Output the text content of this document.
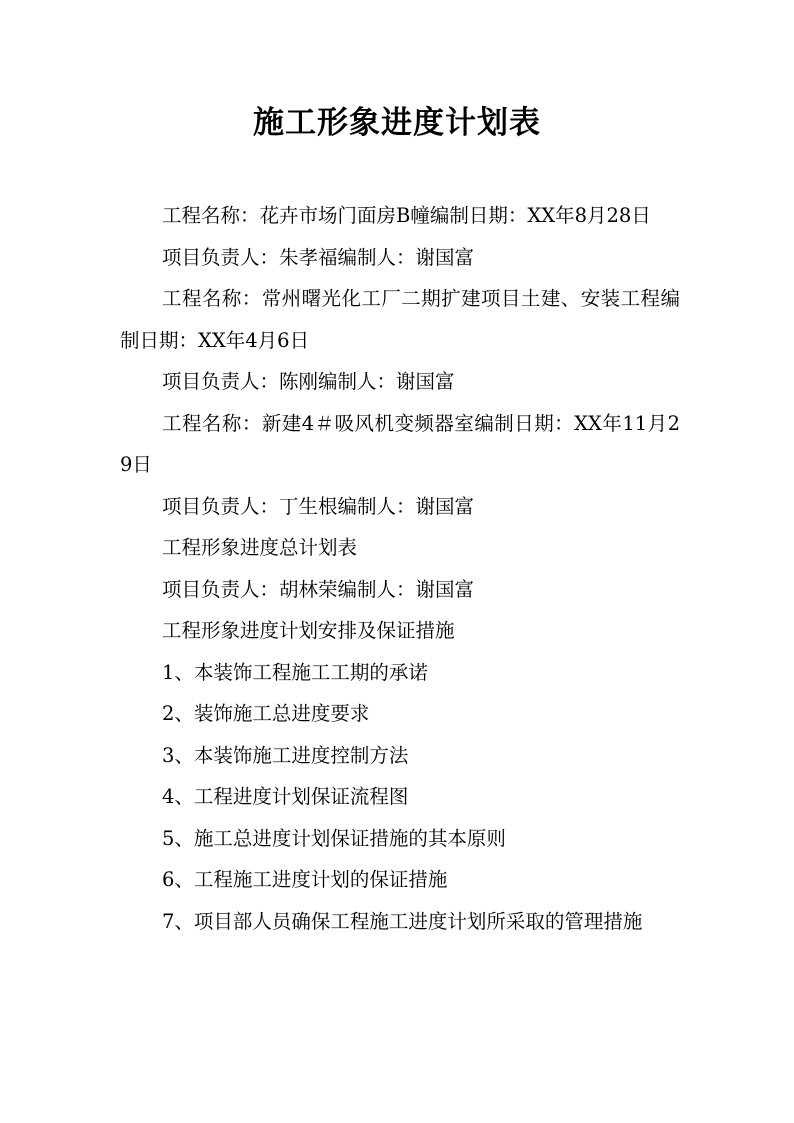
施工形象进度计划表

工程名称：花卉市场门面房B幢编制日期：XX年8月28日

项目负责人：朱孝福编制人：谢国富

工程名称：常州曙光化工厂二期扩建项目土建、安装工程编制日期：XX年4月6日

项目负责人：陈刚编制人：谢国富

工程名称：新建4＃吸风机变频器室编制日期：XX年11月29日

项目负责人：丁生根编制人：谢国富

工程形象进度总计划表

项目负责人：胡林荣编制人：谢国富

工程形象进度计划安排及保证措施

1、本装饰工程施工工期的承诺

2、装饰施工总进度要求

3、本装饰施工进度控制方法

4、工程进度计划保证流程图

5、施工总进度计划保证措施的其本原则

6、工程施工进度计划的保证措施

7、项目部人员确保工程施工进度计划所采取的管理措施
